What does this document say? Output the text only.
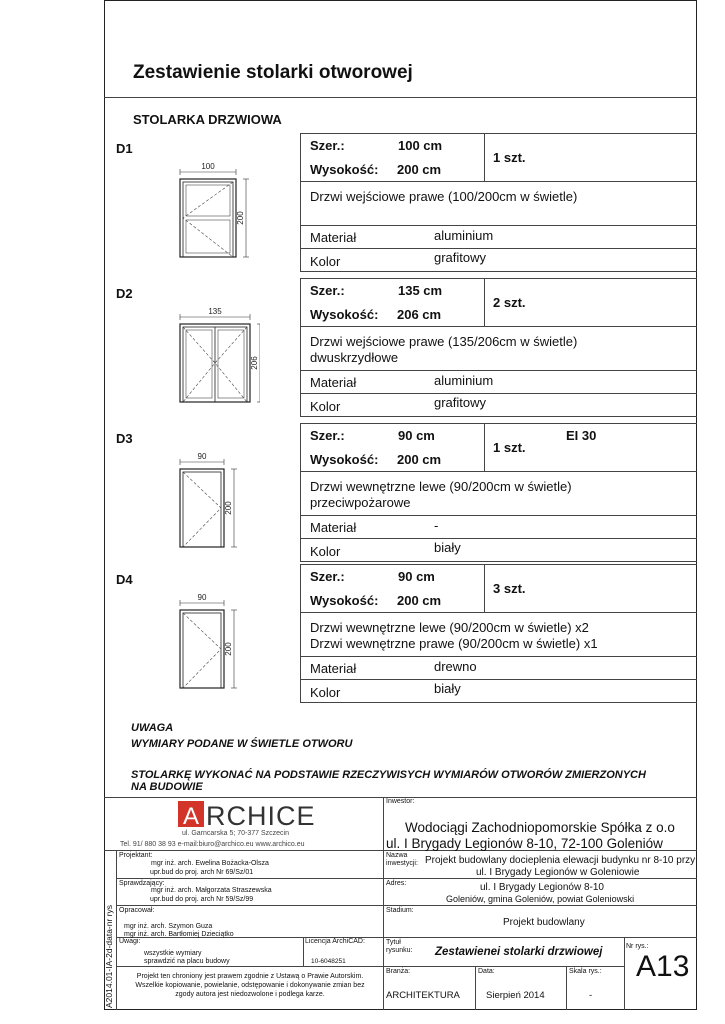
Zestawienie stolarki otworowej
STOLARKA DRZWIOWA
D1
100
200
Szer.:	100 cm
Wysokość: 200 cm
1 szt.
Drzwi wejściowe prawe (100/200cm w świetle)
Materiał	aluminium
Kolor	grafitowy
D2
135
206
Szer.:	135 cm
Wysokość: 206 cm
2 szt.
Drzwi wejściowe prawe (135/206cm w świetle)
dwuskrzydłowe
Materiał	aluminium
Kolor	grafitowy
D3
90
200
Szer.:	90 cm
Wysokość: 200 cm
1 szt.
EI 30
Drzwi wewnętrzne lewe (90/200cm w świetle)
przeciwpożarowe
Materiał	-
Kolor	biały
D4
90
200
Szer.:	90 cm
Wysokość: 200 cm
3 szt.
Drzwi wewnętrzne lewe (90/200cm w świetle) x2
Drzwi wewnętrzne prawe (90/200cm w świetle) x1
Materiał	drewno
Kolor	biały
UWAGA
WYMIARY PODANE W ŚWIETLE OTWORU
STOLARKĘ WYKONAĆ NA PODSTAWIE RZECZYWISYCH WYMIARÓW OTWORÓW ZMIERZONYCH
NA BUDOWIE
A RCHICE
ul. Garncarska 5; 70-377 Szczecin
Tel. 91/ 880 38 93 e-mail:biuro@archico.eu www.archico.eu
Inwestor:
Wodociągi Zachodniopomorskie Spółka z o.o
ul. I Brygady Legionów 8-10, 72-100 Goleniów
Projektant:
mgr inż. arch. Ewelina Bożacka-Olsza
upr.bud do proj. arch Nr 69/Sz/01
Sprawdzający:
mgr inż. arch. Małgorzata Straszewska
upr.bud do proj. arch Nr 59/Sz/99
Opracował:
mgr inż. arch. Szymon Guza
mgr inż. arch. Bartłomiej Dzieciątko
Uwagi:
wszystkie wymiary
sprawdzić na placu budowy
Licencja ArchiCAD:
10-6048251
Projekt ten chroniony jest prawem zgodnie z Ustawą o Prawie Autorskim.
Wszelkie kopiowanie, powielanie, odstępowanie i dokonywanie zmian bez
zgody autora jest niedozwolone i podlega karze.
Nazwa
inwestycji: Projekt budowlany docieplenia elewacji budynku nr 8-10 przy
ul. I Brygady Legionów w Goleniowie
Adres:	ul. I Brygady Legionów 8-10
Goleniów, gmina Goleniów, powiat Goleniowski
Stadium:
Projekt budowlany
Tytuł
rysunku: Zestawienei stolarki drzwiowej	Nr rys.:
A13
Branża:
ARCHITEKTURA
Data:
Sierpień 2014
Skala rys.:
-
A2014.01-IA-2d-data-nr rys
